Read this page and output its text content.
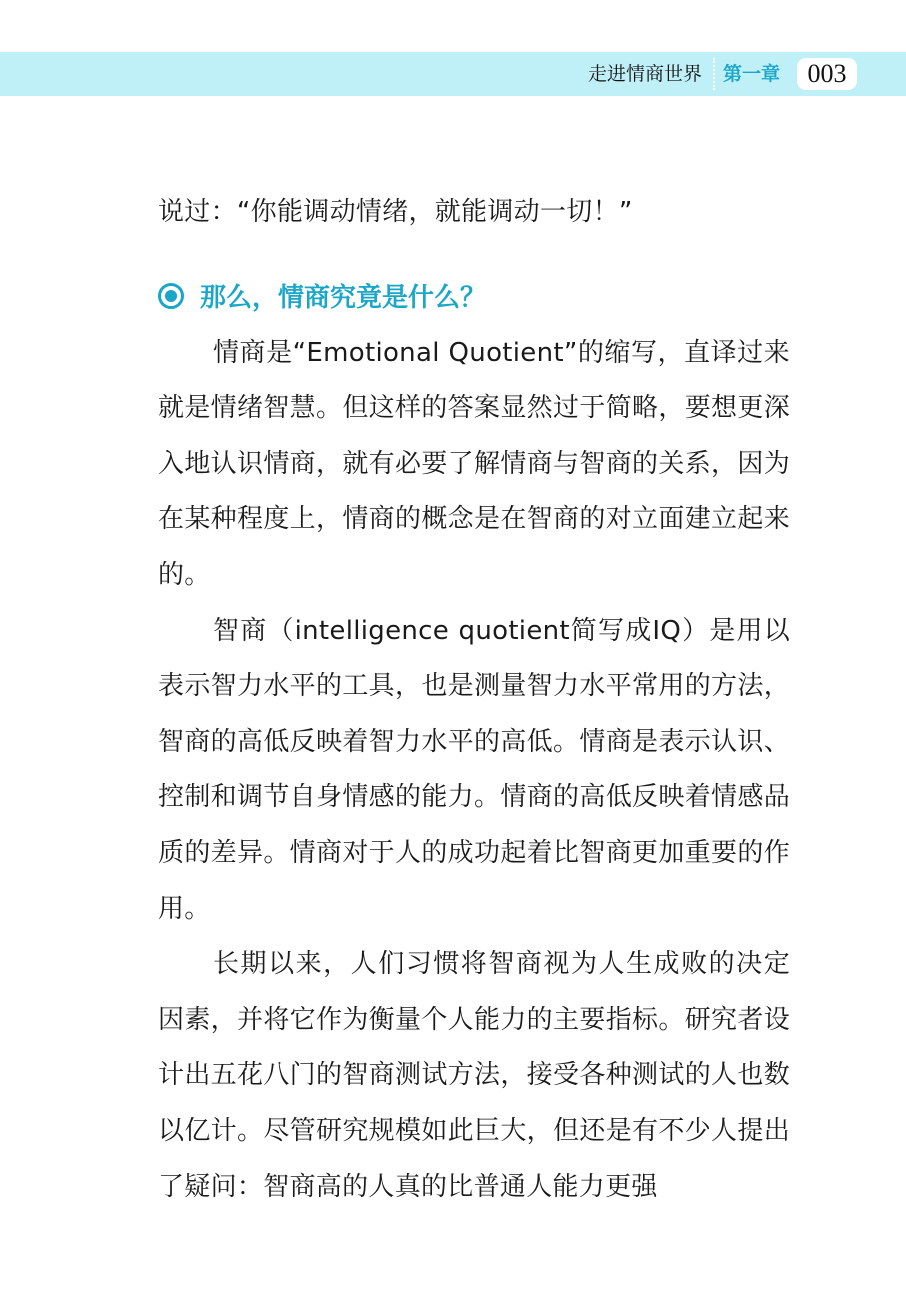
走进情商世界 第一章	003

说过：“你能调动情绪，就能调动一切！”

那么，情商究竟是什么？

情商是“Emotional Quotient”的缩写，直译过来就是情绪智慧。但这样的答案显然过于简略，要想更深入地认识情商，就有必要了解情商与智商的关系，因为在某种程度上，情商的概念是在智商的对立面建立起来的。

智商（intelligence quotient简写成IQ）是用以表示智力水平的工具，也是测量智力水平常用的方法，智商的高低反映着智力水平的高低。情商是表示认识、控制和调节自身情感的能力。情商的高低反映着情感品质的差异。情商对于人的成功起着比智商更加重要的作用。

长期以来，人们习惯将智商视为人生成败的决定因素，并将它作为衡量个人能力的主要指标。研究者设计出五花八门的智商测试方法，接受各种测试的人也数以亿计。尽管研究规模如此巨大，但还是有不少人提出了疑问：智商高的人真的比普通人能力更强
